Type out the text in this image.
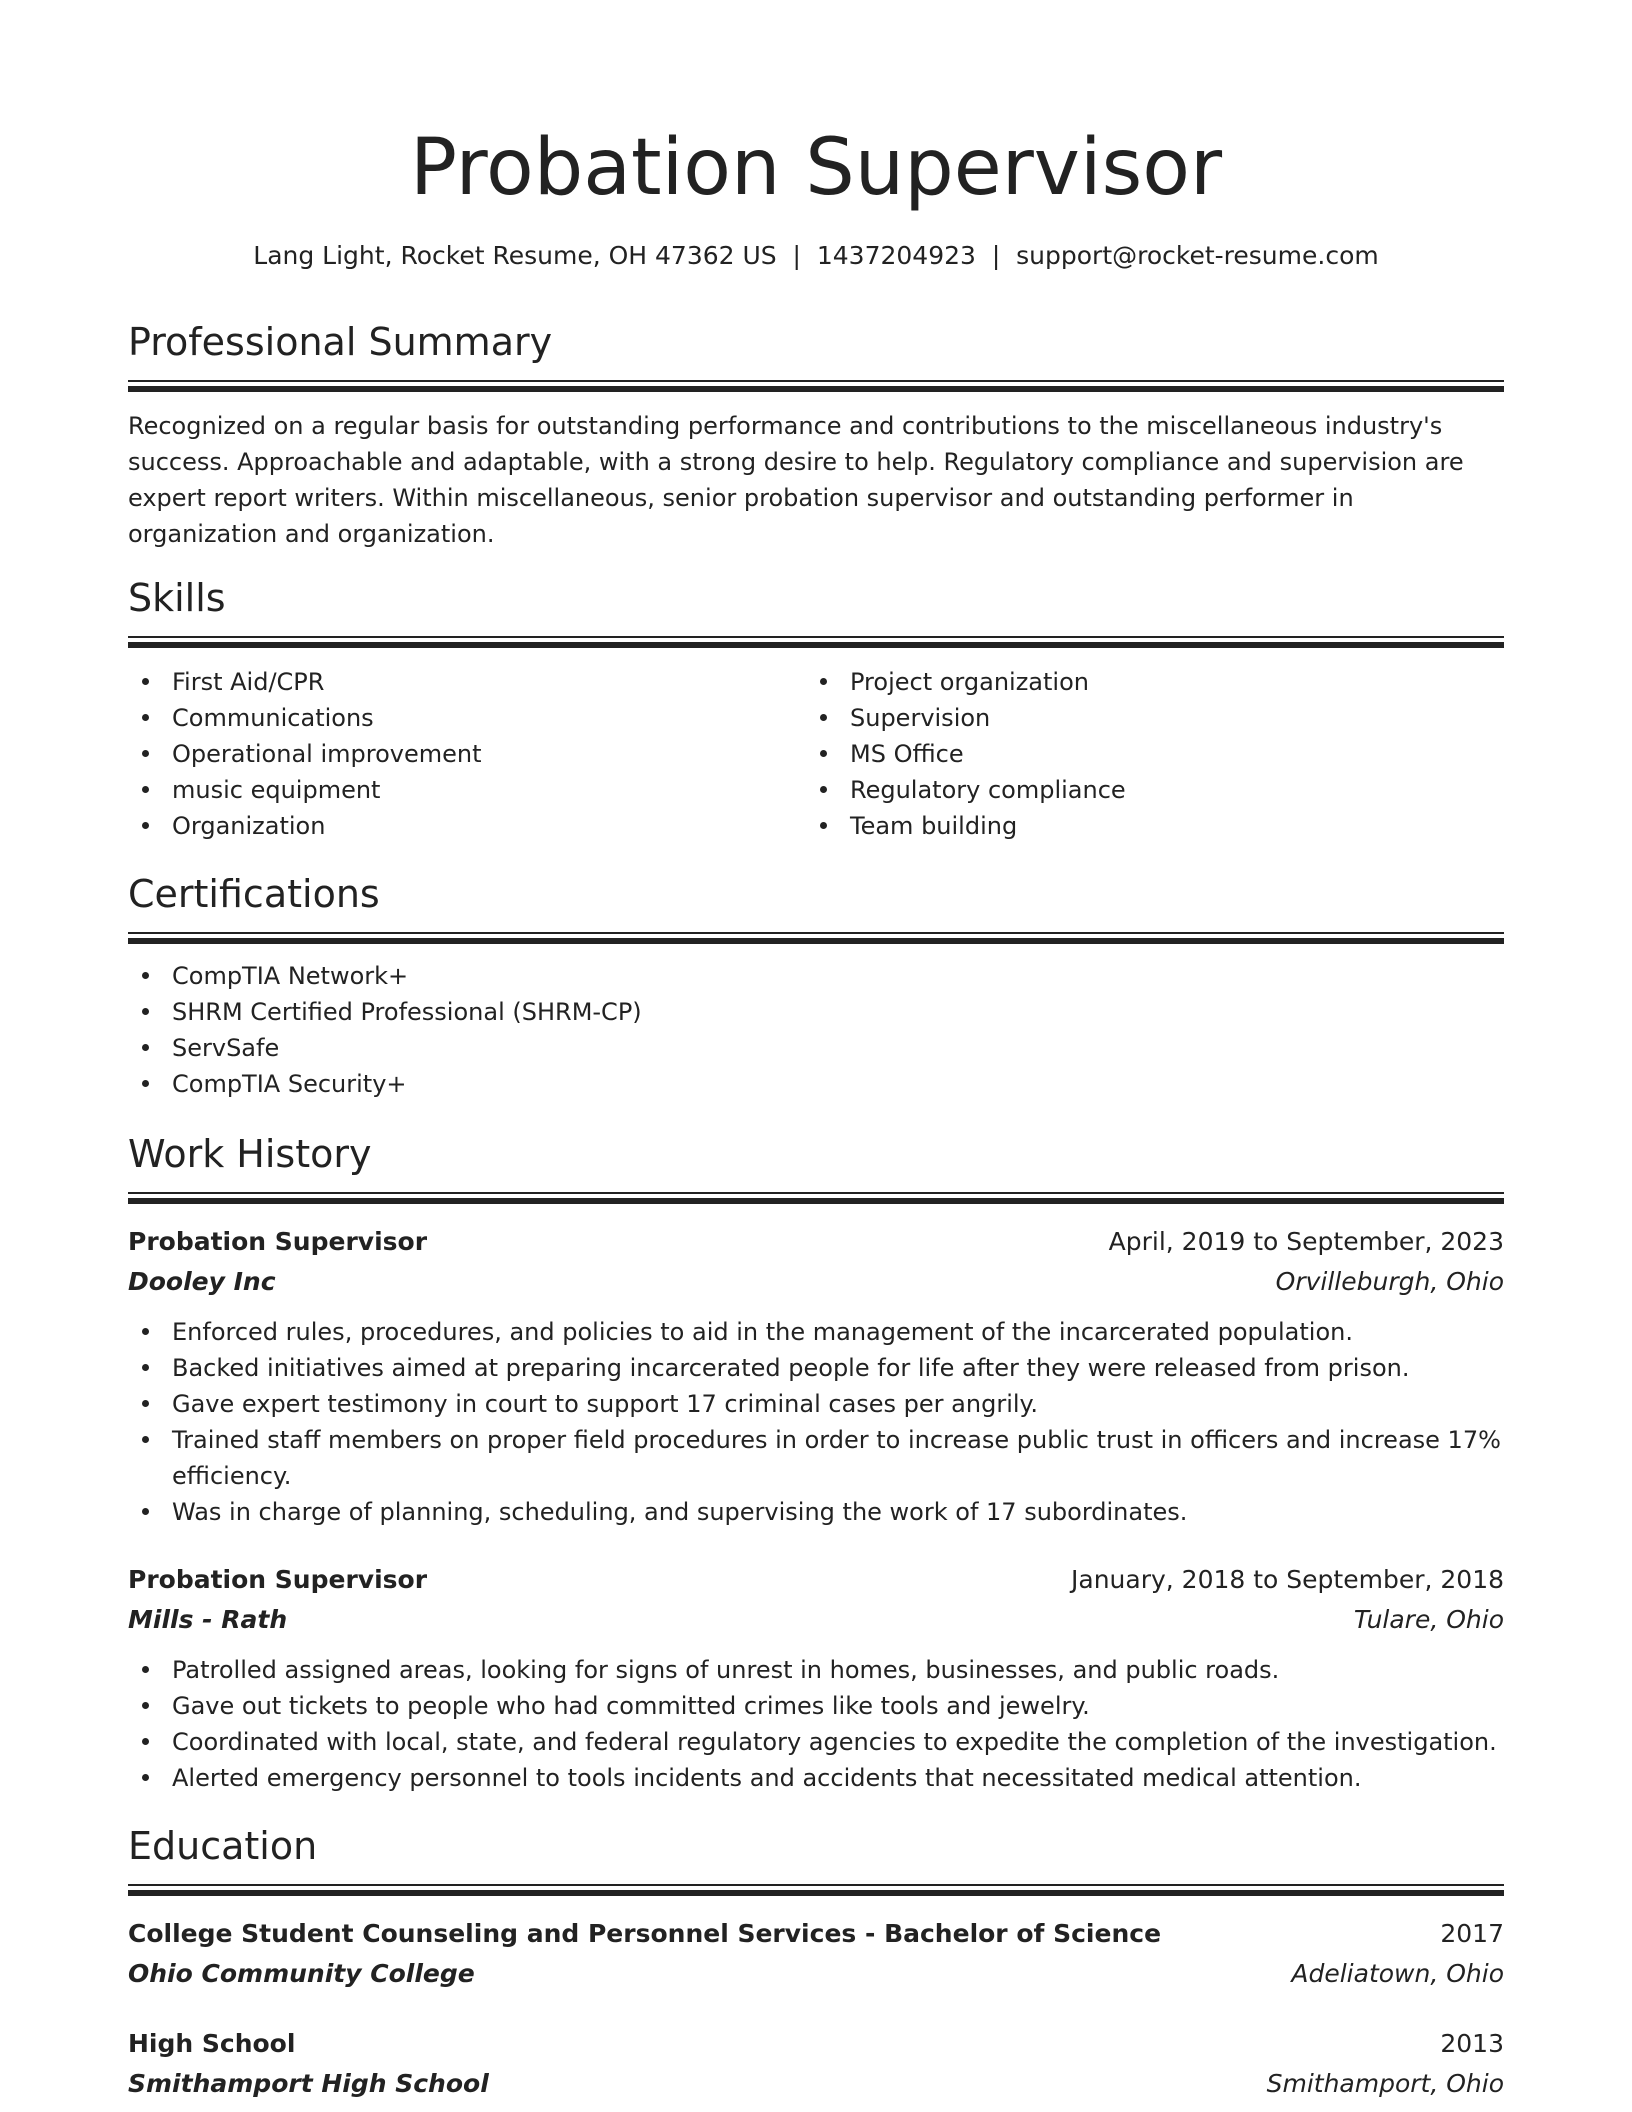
Probation Supervisor
Lang Light, Rocket Resume, OH 47362 US  |  1437204923  |  support@rocket-resume.com
Professional Summary

Recognized on a regular basis for outstanding performance and contributions to the miscellaneous industry's success. Approachable and adaptable, with a strong desire to help. Regulatory compliance and supervision are expert report writers. Within miscellaneous, senior probation supervisor and outstanding performer in organization and organization.

Skills
First Aid/CPR
Communications
Operational improvement
music equipment
Organization
Project organization
Supervision
MS Office
Regulatory compliance
Team building
Certifications
CompTIA Network+
SHRM Certified Professional (SHRM-CP)
ServSafe
CompTIA Security+
Work History
Probation Supervisor	April, 2019 to September, 2023
Dooley Inc	Orvilleburgh, Ohio
Enforced rules, procedures, and policies to aid in the management of the incarcerated population.
Backed initiatives aimed at preparing incarcerated people for life after they were released from prison.
Gave expert testimony in court to support 17 criminal cases per angrily.
Trained staff members on proper field procedures in order to increase public trust in officers and increase 17% efficiency.
Was in charge of planning, scheduling, and supervising the work of 17 subordinates.
Probation Supervisor	January, 2018 to September, 2018
Mills - Rath	Tulare, Ohio
Patrolled assigned areas, looking for signs of unrest in homes, businesses, and public roads.
Gave out tickets to people who had committed crimes like tools and jewelry.
Coordinated with local, state, and federal regulatory agencies to expedite the completion of the investigation.
Alerted emergency personnel to tools incidents and accidents that necessitated medical attention.
Education
College Student Counseling and Personnel Services - Bachelor of Science	2017
Ohio Community College	Adeliatown, Ohio
High School	2013
Smithamport High School	Smithamport, Ohio
